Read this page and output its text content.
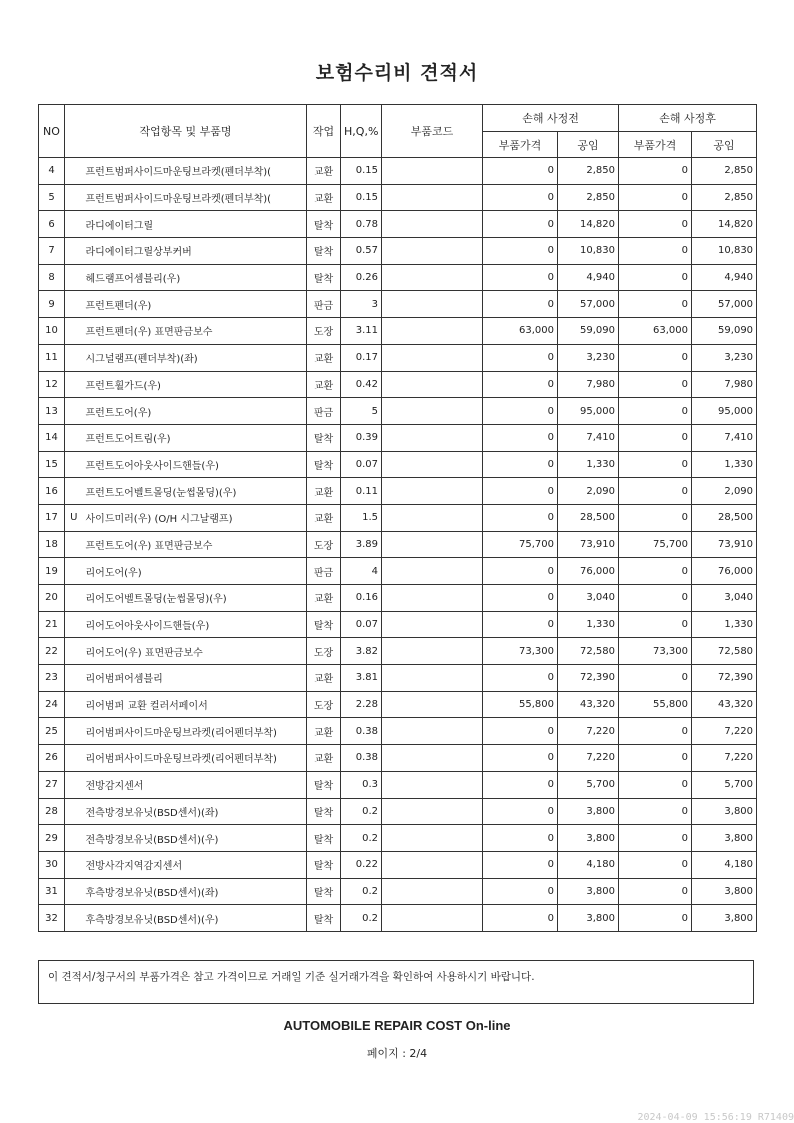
보험수리비 견적서
NO	작업항목 및 부품명		작업	H,Q,%	부품코드	손해 사정전		손해 사정후	
						부품가격	공임	부품가격	공임
4		프런트범퍼사이드마운팅브라켓(펜더부착)(	교환	0.15		0	2,850	0	2,850
5		프런트범퍼사이드마운팅브라켓(펜더부착)(	교환	0.15		0	2,850	0	2,850
6		라디에이터그릴	탈착	0.78		0	14,820	0	14,820
7		라디에이터그릴상부커버	탈착	0.57		0	10,830	0	10,830
8		헤드램프어셈블리(우)	탈착	0.26		0	4,940	0	4,940
9		프런트펜더(우)	판금	3		0	57,000	0	57,000
10		프런트펜더(우) 표면판금보수	도장	3.11		63,000	59,090	63,000	59,090
11		시그널램프(펜더부착)(좌)	교환	0.17		0	3,230	0	3,230
12		프런트휠가드(우)	교환	0.42		0	7,980	0	7,980
13		프런트도어(우)	판금	5		0	95,000	0	95,000
14		프런트도어트림(우)	탈착	0.39		0	7,410	0	7,410
15		프런트도어아웃사이드핸들(우)	탈착	0.07		0	1,330	0	1,330
16		프런트도어벨트몰딩(눈썹몰딩)(우)	교환	0.11		0	2,090	0	2,090
17	U	사이드미러(우) (O/H 시그날램프)	교환	1.5		0	28,500	0	28,500
18		프런트도어(우) 표면판금보수	도장	3.89		75,700	73,910	75,700	73,910
19		리어도어(우)	판금	4		0	76,000	0	76,000
20		리어도어벨트몰딩(눈썹몰딩)(우)	교환	0.16		0	3,040	0	3,040
21		리어도어아웃사이드핸들(우)	탈착	0.07		0	1,330	0	1,330
22		리어도어(우) 표면판금보수	도장	3.82		73,300	72,580	73,300	72,580
23		리어범퍼어셈블리	교환	3.81		0	72,390	0	72,390
24		리어범퍼 교환 컬러서페이서	도장	2.28		55,800	43,320	55,800	43,320
25		리어범퍼사이드마운팅브라켓(리어펜더부착)	교환	0.38		0	7,220	0	7,220
26		리어범퍼사이드마운팅브라켓(리어펜더부착)	교환	0.38		0	7,220	0	7,220
27		전방감지센서	탈착	0.3		0	5,700	0	5,700
28		전측방경보유닛(BSD센서)(좌)	탈착	0.2		0	3,800	0	3,800
29		전측방경보유닛(BSD센서)(우)	탈착	0.2		0	3,800	0	3,800
30		전방사각지역감지센서	탈착	0.22		0	4,180	0	4,180
31		후측방경보유닛(BSD센서)(좌)	탈착	0.2		0	3,800	0	3,800
32		후측방경보유닛(BSD센서)(우)	탈착	0.2		0	3,800	0	3,800
이 견적서/청구서의 부품가격은 참고 가격이므로 거래일 기준 실거래가격을 확인하여 사용하시기 바랍니다.
AUTOMOBILE REPAIR COST On-line
페이지 : 2/4
2024-04-09 15:56:19 R71409
